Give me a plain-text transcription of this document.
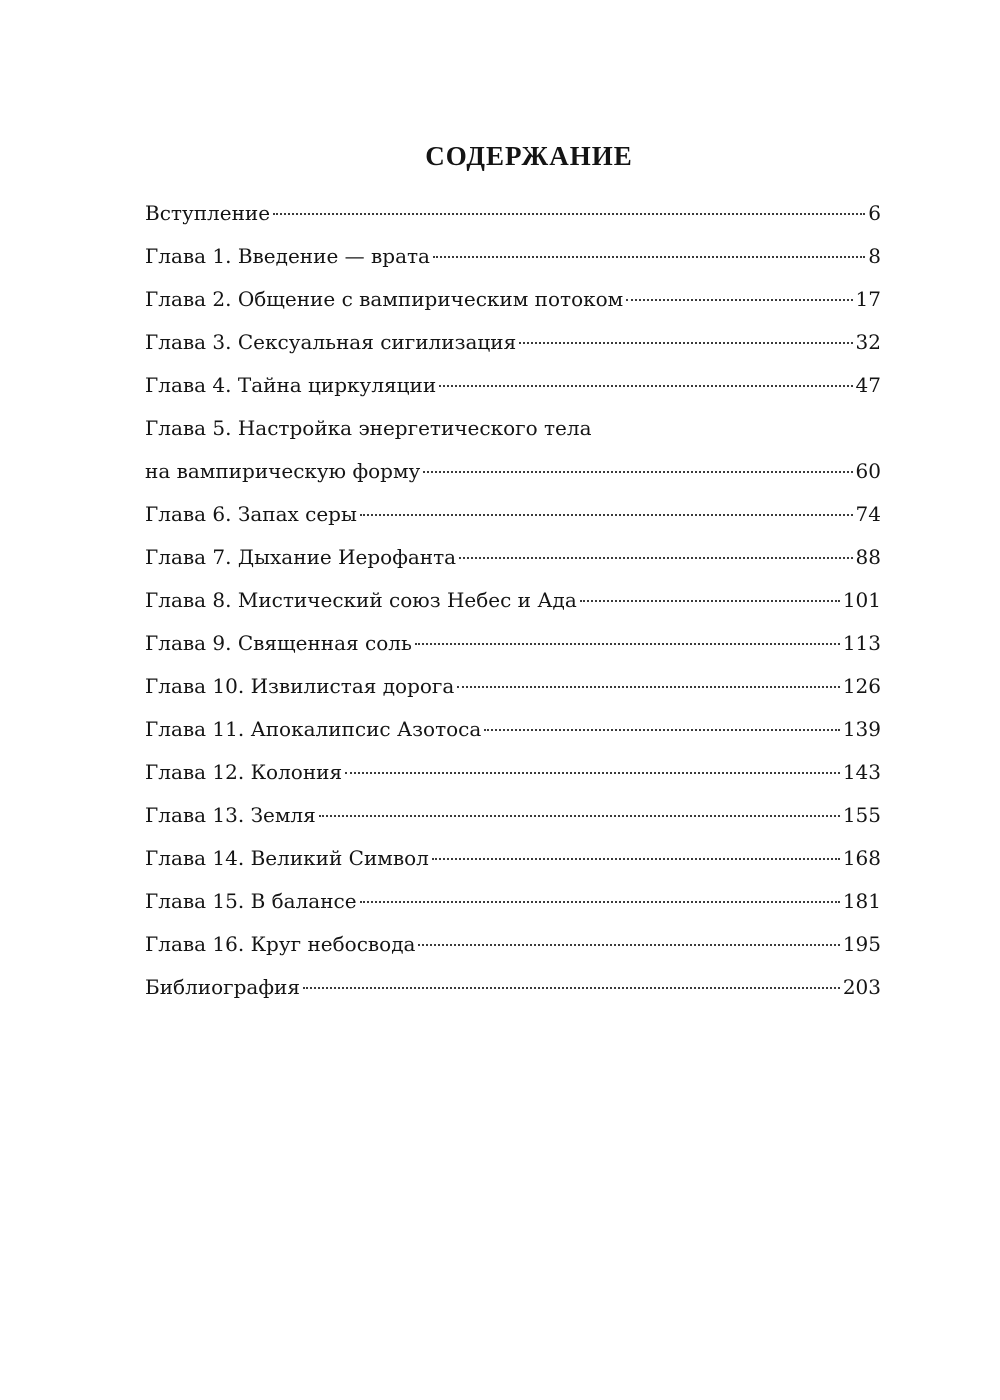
СОДЕРЖАНИЕ
Вступление	6
Глава 1. Введение — врата	8
Глава 2. Общение с вампирическим потоком	17
Глава 3. Сексуальная сигилизация	32
Глава 4. Тайна циркуляции	47
Глава 5. Настройка энергетического тела
на вампирическую форму	60
Глава 6. Запах серы	74
Глава 7. Дыхание Иерофанта	88
Глава 8. Мистический союз Небес и Ада	101
Глава 9. Священная соль	113
Глава 10. Извилистая дорога	126
Глава 11. Апокалипсис Азотоса	139
Глава 12. Колония	143
Глава 13. Земля	155
Глава 14. Великий Символ	168
Глава 15. В балансе	181
Глава 16. Круг небосвода	195
Библиография	203
